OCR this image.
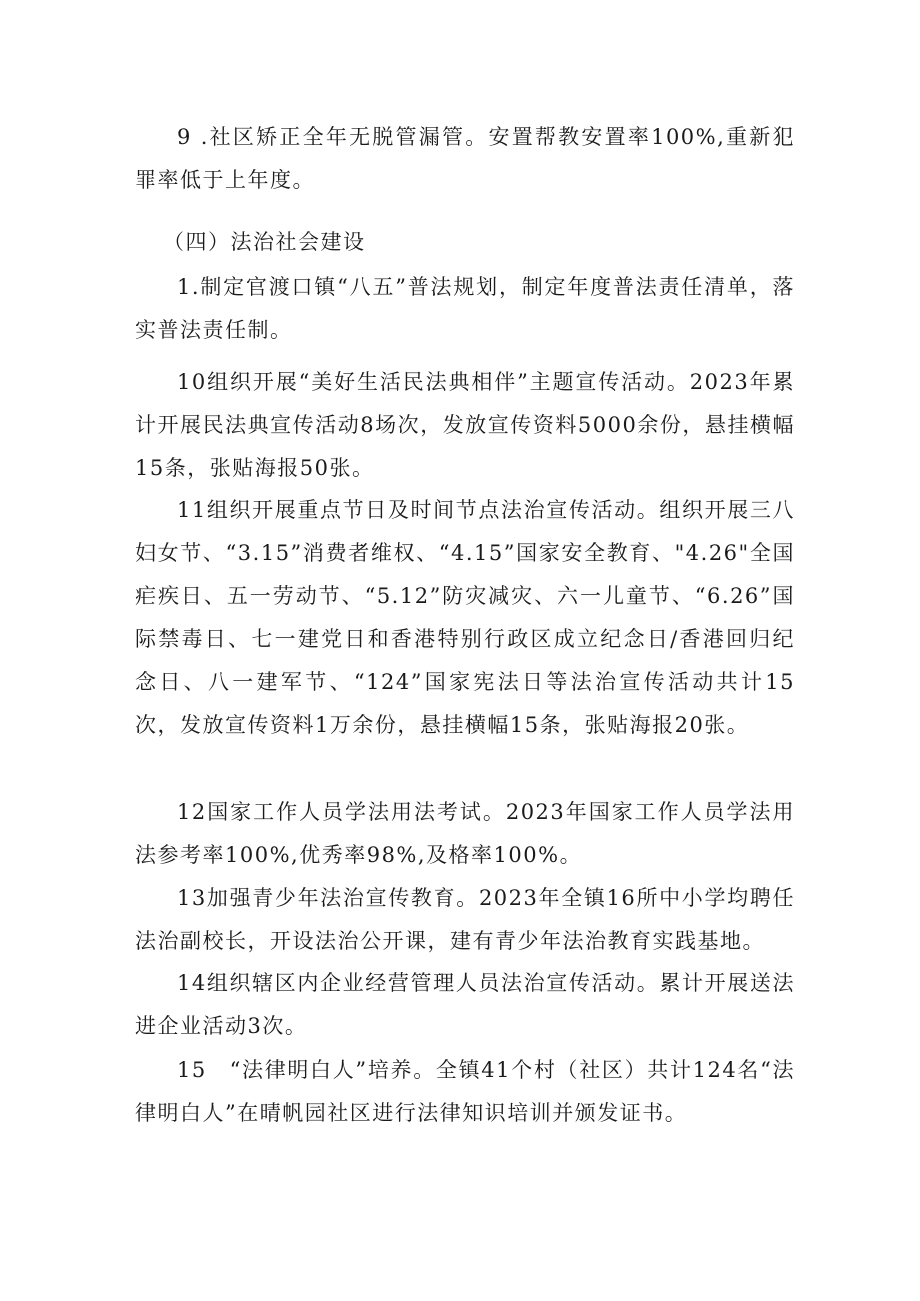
9 .社区矫正全年无脱管漏管。安置帮教安置率100%,重新犯罪率低于上年度。

（四）法治社会建设

1.制定官渡口镇“八五”普法规划，制定年度普法责任清单，落实普法责任制。

10组织开展“美好生活民法典相伴”主题宣传活动。2023年累计开展民法典宣传活动8场次，发放宣传资料5000余份，悬挂横幅15条，张贴海报50张。

11组织开展重点节日及时间节点法治宣传活动。组织开展三八妇女节、“3.15”消费者维权、“4.15”国家安全教育、"4.26"全国疟疾日、五一劳动节、“5.12”防灾减灾、六一儿童节、“6.26”国际禁毒日、七一建党日和香港特别行政区成立纪念日/香港回归纪念日、八一建军节、“124”国家宪法日等法治宣传活动共计15次，发放宣传资料1万余份，悬挂横幅15条，张贴海报20张。

12国家工作人员学法用法考试。2023年国家工作人员学法用法参考率100%,优秀率98%,及格率100%。

13加强青少年法治宣传教育。2023年全镇16所中小学均聘任法治副校长，开设法治公开课，建有青少年法治教育实践基地。

14组织辖区内企业经营管理人员法治宣传活动。累计开展送法进企业活动3次。

15　“法律明白人”培养。全镇41个村（社区）共计124名“法律明白人”在晴帆园社区进行法律知识培训并颁发证书。
